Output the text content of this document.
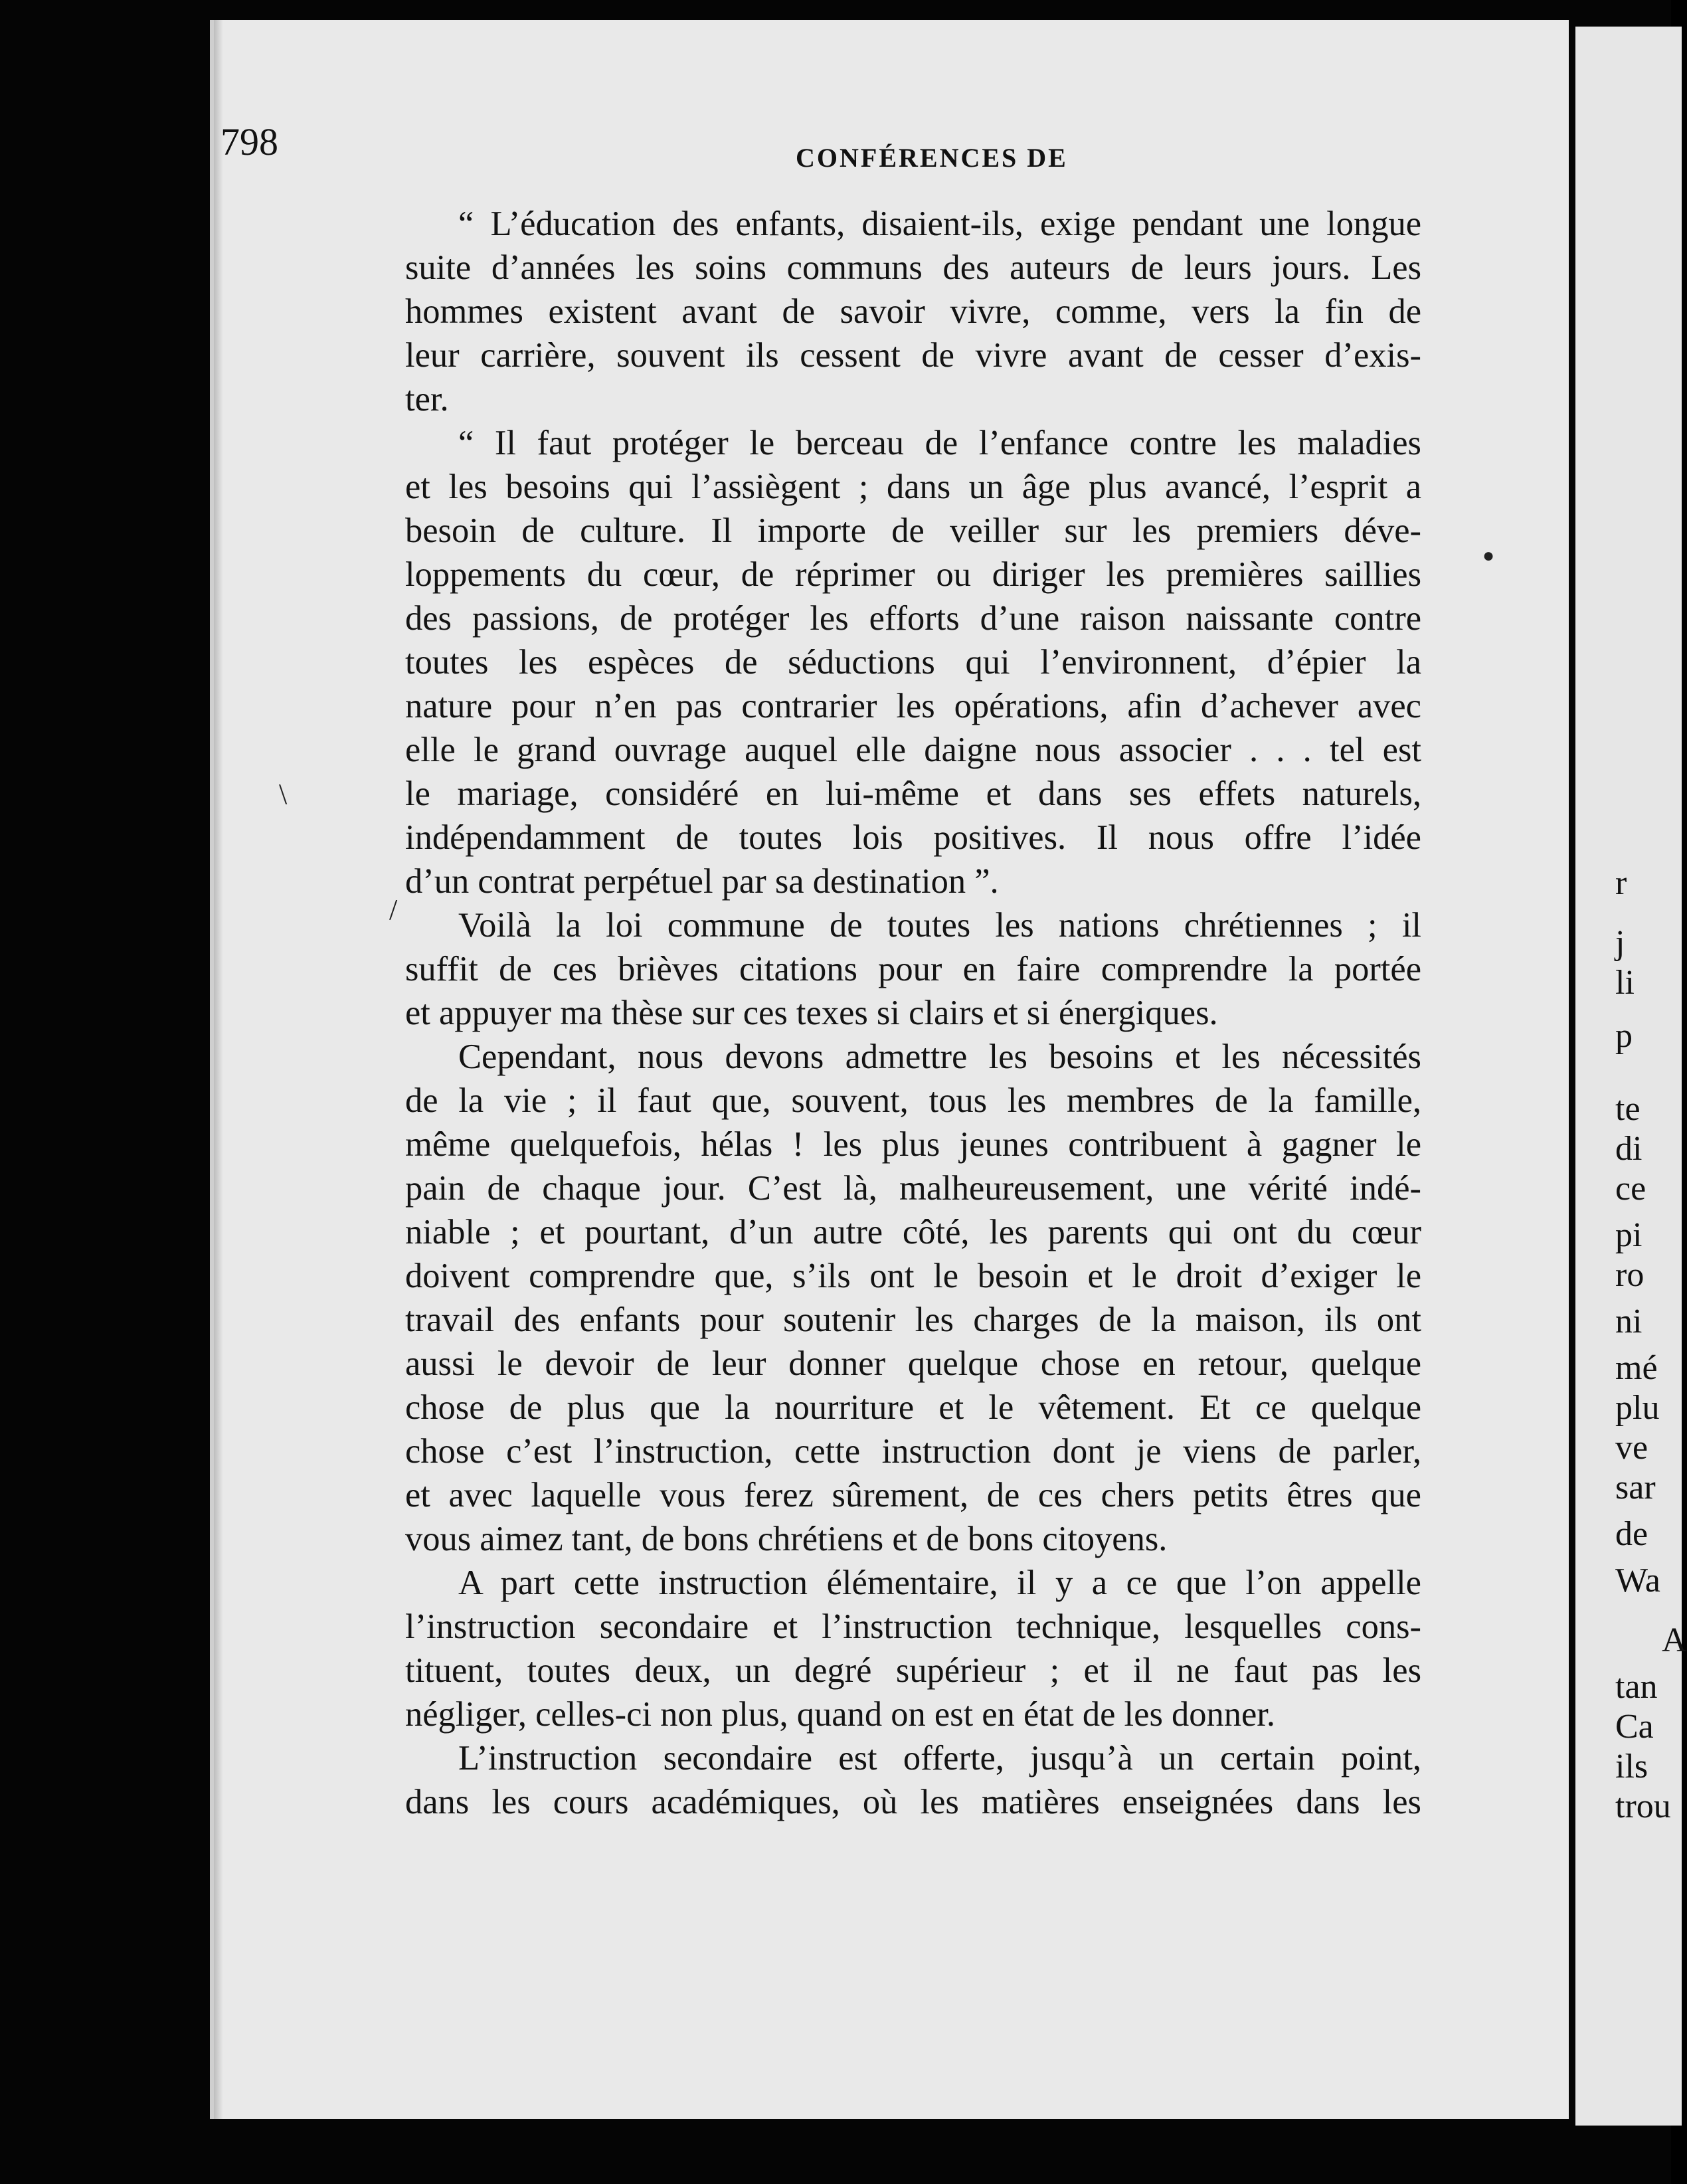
r
j
li
p
te
di
ce
pi
ro
ni
mé
plu
ve
sar
de
Wa
A
tan
Ca
ils
trou
798	CONFÉRENCES DE
“ L’éducation des enfants, disaient-ils, exige pendant une longue
suite d’années les soins communs des auteurs de leurs jours. Les
hommes existent avant de savoir vivre, comme, vers la fin de
leur carrière, souvent ils cessent de vivre avant de cesser d’exis-
ter.
“ Il faut protéger le berceau de l’enfance contre les maladies
et les besoins qui l’assiègent ; dans un âge plus avancé, l’esprit a
besoin de culture. Il importe de veiller sur les premiers déve-
loppements du cœur, de réprimer ou diriger les premières saillies
des passions, de protéger les efforts d’une raison naissante contre
toutes les espèces de séductions qui l’environnent, d’épier la
nature pour n’en pas contrarier les opérations, afin d’achever avec
elle le grand ouvrage auquel elle daigne nous associer . . . tel est
le mariage, considéré en lui-même et dans ses effets naturels,
indépendamment de toutes lois positives. Il nous offre l’idée
d’un contrat perpétuel par sa destination ”.
Voilà la loi commune de toutes les nations chrétiennes ; il
suffit de ces brièves citations pour en faire comprendre la portée
et appuyer ma thèse sur ces texes si clairs et si énergiques.
Cependant, nous devons admettre les besoins et les nécessités
de la vie ; il faut que, souvent, tous les membres de la famille,
même quelquefois, hélas ! les plus jeunes contribuent à gagner le
pain de chaque jour. C’est là, malheureusement, une vérité indé-
niable ; et pourtant, d’un autre côté, les parents qui ont du cœur
doivent comprendre que, s’ils ont le besoin et le droit d’exiger le
travail des enfants pour soutenir les charges de la maison, ils ont
aussi le devoir de leur donner quelque chose en retour, quelque
chose de plus que la nourriture et le vêtement. Et ce quelque
chose c’est l’instruction, cette instruction dont je viens de parler,
et avec laquelle vous ferez sûrement, de ces chers petits êtres que
vous aimez tant, de bons chrétiens et de bons citoyens.
A part cette instruction élémentaire, il y a ce que l’on appelle
l’instruction secondaire et l’instruction technique, lesquelles cons-
tituent, toutes deux, un degré supérieur ; et il ne faut pas les
négliger, celles-ci non plus, quand on est en état de les donner.
L’instruction secondaire est offerte, jusqu’à un certain point,
dans les cours académiques, où les matières enseignées dans les
\
/
●
